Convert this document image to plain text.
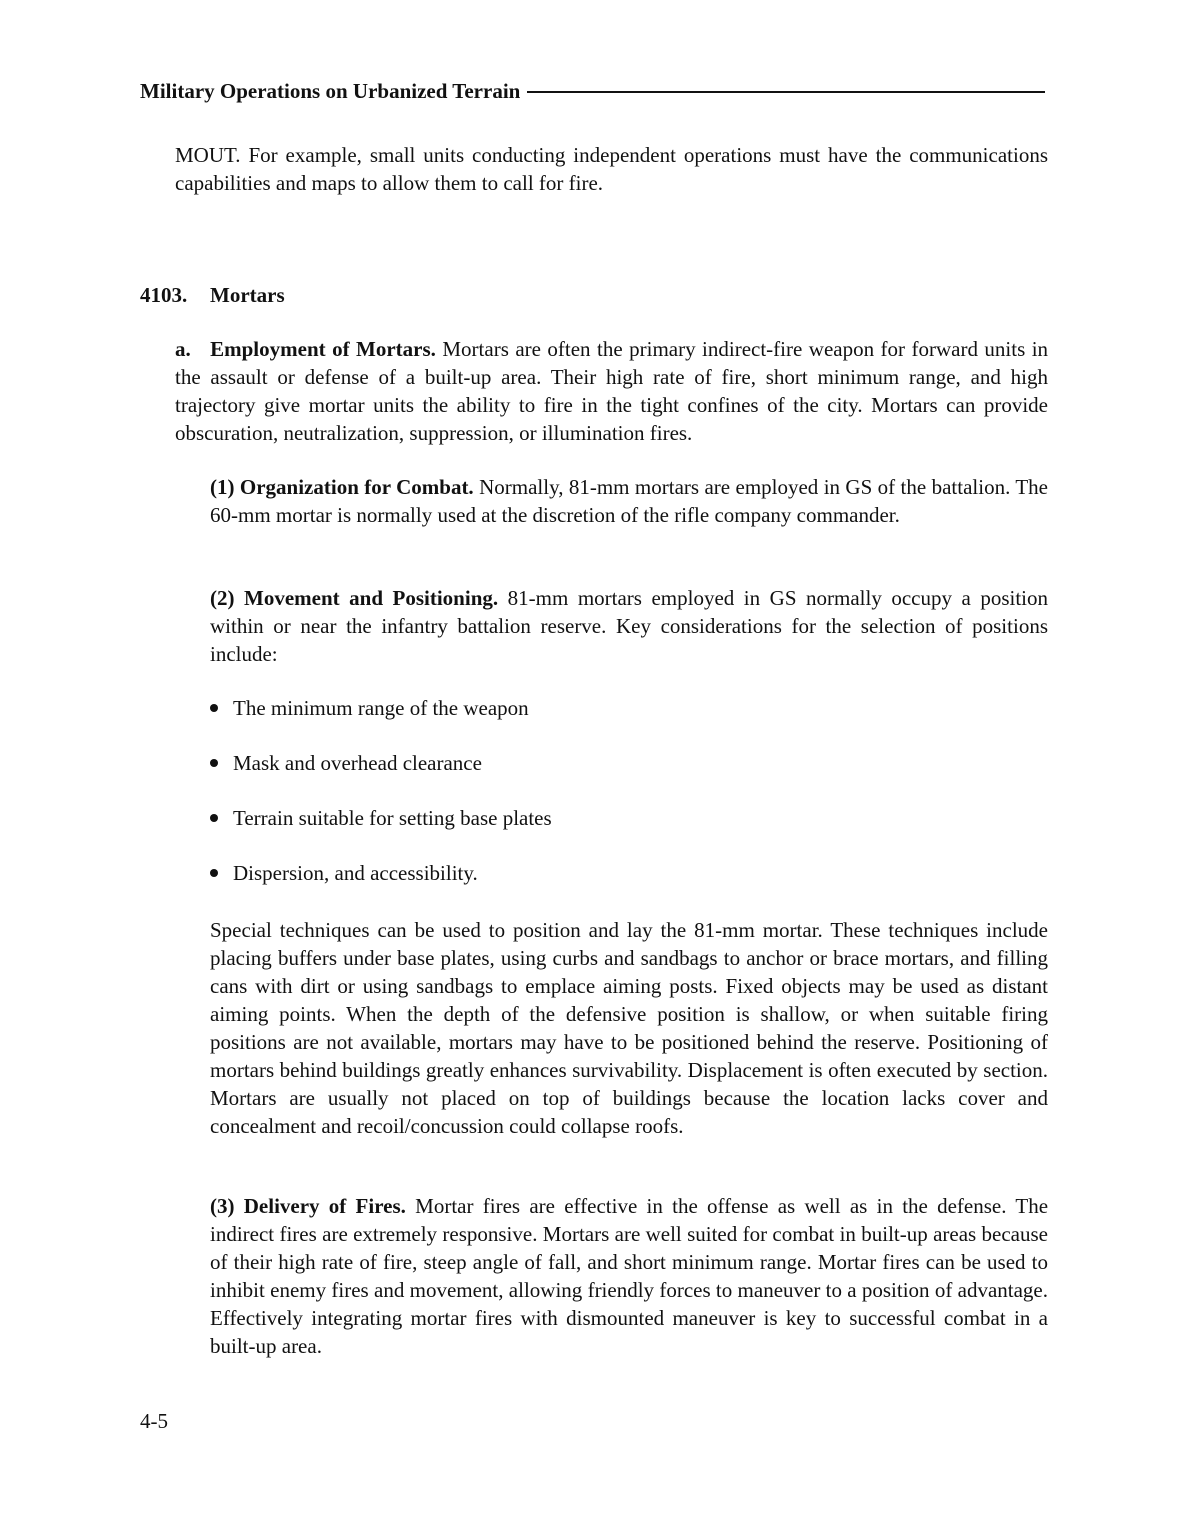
Military Operations on Urbanized Terrain

MOUT. For example, small units conducting independent operations must have the communications capabilities and maps to allow them to call for fire.

4103. Mortars

a. Employment of Mortars. Mortars are often the primary indirect-fire weapon for forward units in the assault or defense of a built-up area. Their high rate of fire, short minimum range, and high trajectory give mortar units the ability to fire in the tight confines of the city. Mortars can provide obscuration, neutralization, suppression, or illumination fires.

(1) Organization for Combat. Normally, 81-mm mortars are employed in GS of the battalion. The 60-mm mortar is normally used at the discretion of the rifle company commander.

(2) Movement and Positioning. 81-mm mortars employed in GS normally occupy a position within or near the infantry battalion reserve. Key considerations for the selection of positions include:

The minimum range of the weapon
Mask and overhead clearance
Terrain suitable for setting base plates
Dispersion, and accessibility.

Special techniques can be used to position and lay the 81-mm mortar. These techniques include placing buffers under base plates, using curbs and sandbags to anchor or brace mortars, and filling cans with dirt or using sandbags to emplace aiming posts. Fixed objects may be used as distant aiming points. When the depth of the defensive position is shallow, or when suitable firing positions are not available, mortars may have to be positioned behind the reserve. Positioning of mortars behind buildings greatly enhances survivability. Displacement is often executed by section. Mortars are usually not placed on top of buildings because the location lacks cover and concealment and recoil/concussion could collapse roofs.

(3) Delivery of Fires. Mortar fires are effective in the offense as well as in the defense. The indirect fires are extremely responsive. Mortars are well suited for combat in built-up areas because of their high rate of fire, steep angle of fall, and short minimum range. Mortar fires can be used to inhibit enemy fires and movement, allowing friendly forces to maneuver to a position of advantage. Effectively integrating mortar fires with dismounted maneuver is key to successful combat in a built-up area.

4-5
